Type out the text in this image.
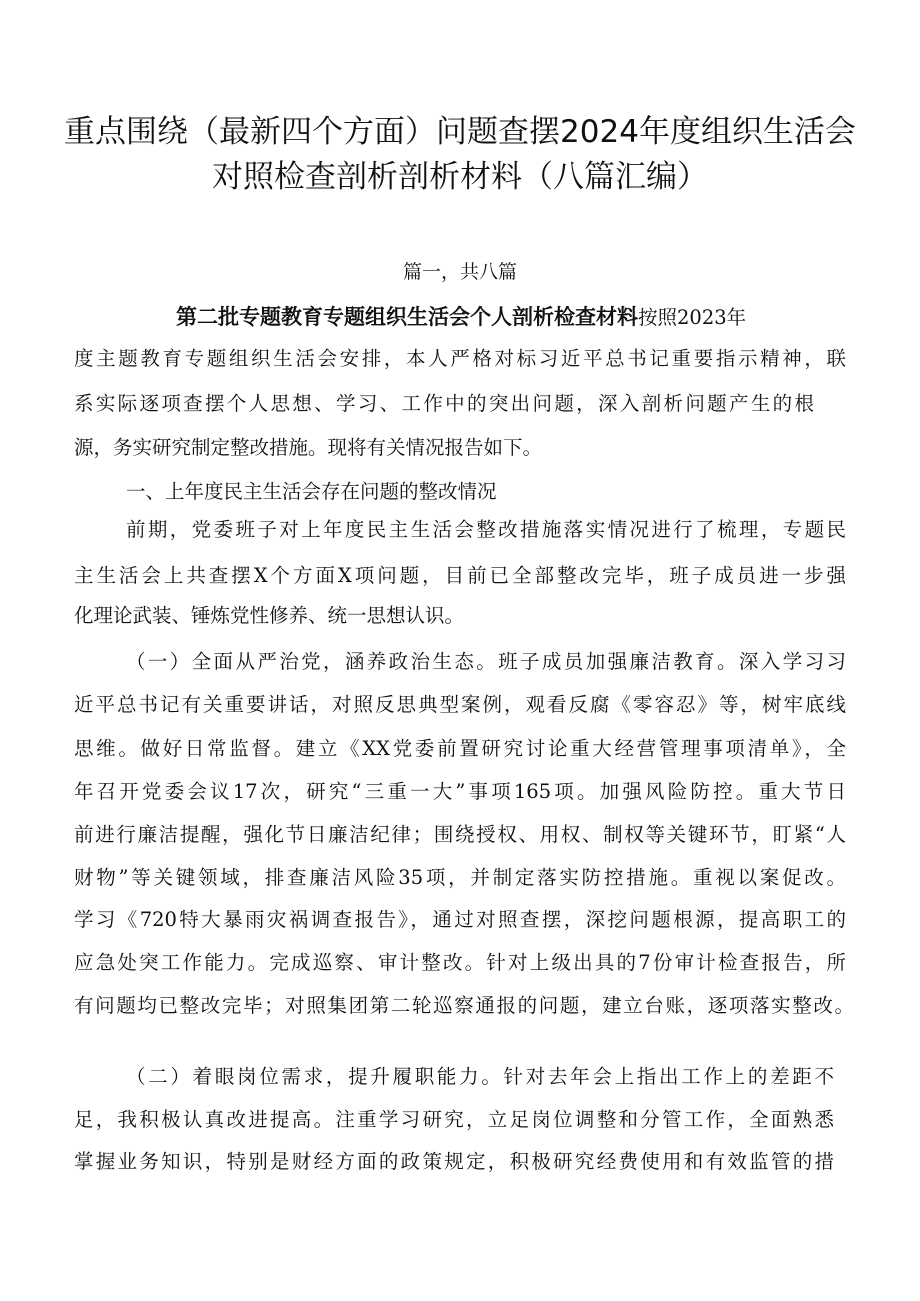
重点围绕（最新四个方面）问题查摆2024年度组织生活会
对照检查剖析剖析材料（八篇汇编）
篇一，共八篇
第二批专题教育专题组织生活会个人剖析检查材料按照2023年
度主题教育专题组织生活会安排，本人严格对标习近平总书记重要指示精神，联
系实际逐项查摆个人思想、学习、工作中的突出问题，深入剖析问题产生的根
源，务实研究制定整改措施。现将有关情况报告如下。
一、上年度民主生活会存在问题的整改情况
前期，党委班子对上年度民主生活会整改措施落实情况进行了梳理，专题民
主生活会上共查摆X个方面X项问题，目前已全部整改完毕，班子成员进一步强
化理论武装、锤炼党性修养、统一思想认识。
（一）全面从严治党，涵养政治生态。班子成员加强廉洁教育。深入学习习
近平总书记有关重要讲话，对照反思典型案例，观看反腐《零容忍》等，树牢底线
思维。做好日常监督。建立《XX党委前置研究讨论重大经营管理事项清单》，全
年召开党委会议17次，研究“三重一大”事项165项。加强风险防控。重大节日
前进行廉洁提醒，强化节日廉洁纪律；围绕授权、用权、制权等关键环节，盯紧“人
财物”等关键领域，排查廉洁风险35项，并制定落实防控措施。重视以案促改。
学习《720特大暴雨灾祸调查报告》，通过对照查摆，深挖问题根源，提高职工的
应急处突工作能力。完成巡察、审计整改。针对上级出具的7份审计检查报告，所
有问题均已整改完毕；对照集团第二轮巡察通报的问题，建立台账，逐项落实整改。
（二）着眼岗位需求，提升履职能力。针对去年会上指出工作上的差距不
足，我积极认真改进提高。注重学习研究，立足岗位调整和分管工作，全面熟悉
掌握业务知识，特别是财经方面的政策规定，积极研究经费使用和有效监管的措
